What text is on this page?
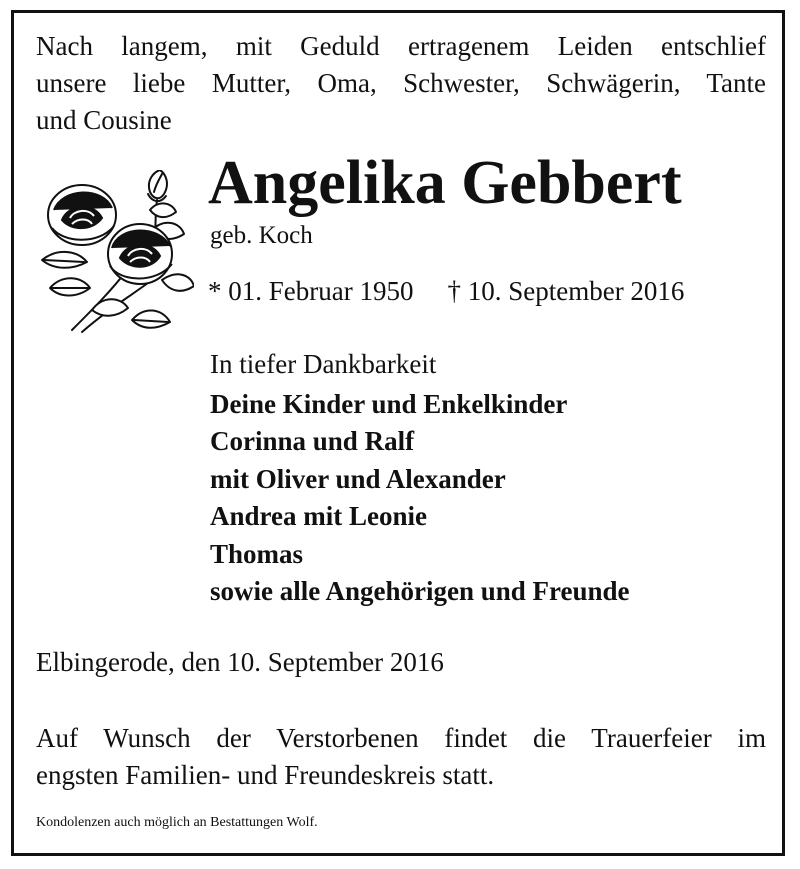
Nach langem, mit Geduld ertragenem Leiden entschlief
unsere liebe Mutter, Oma, Schwester, Schwägerin, Tante
und Cousine
Angelika Gebbert
geb. Koch
* 01. Februar 1950 † 10. September 2016
In tiefer Dankbarkeit
Deine Kinder und Enkelkinder
Corinna und Ralf
mit Oliver und Alexander
Andrea mit Leonie
Thomas
sowie alle Angehörigen und Freunde
Elbingerode, den 10. September 2016
Auf Wunsch der Verstorbenen findet die Trauerfeier im
engsten Familien- und Freundeskreis statt.
Kondolenzen auch möglich an Bestattungen Wolf.
